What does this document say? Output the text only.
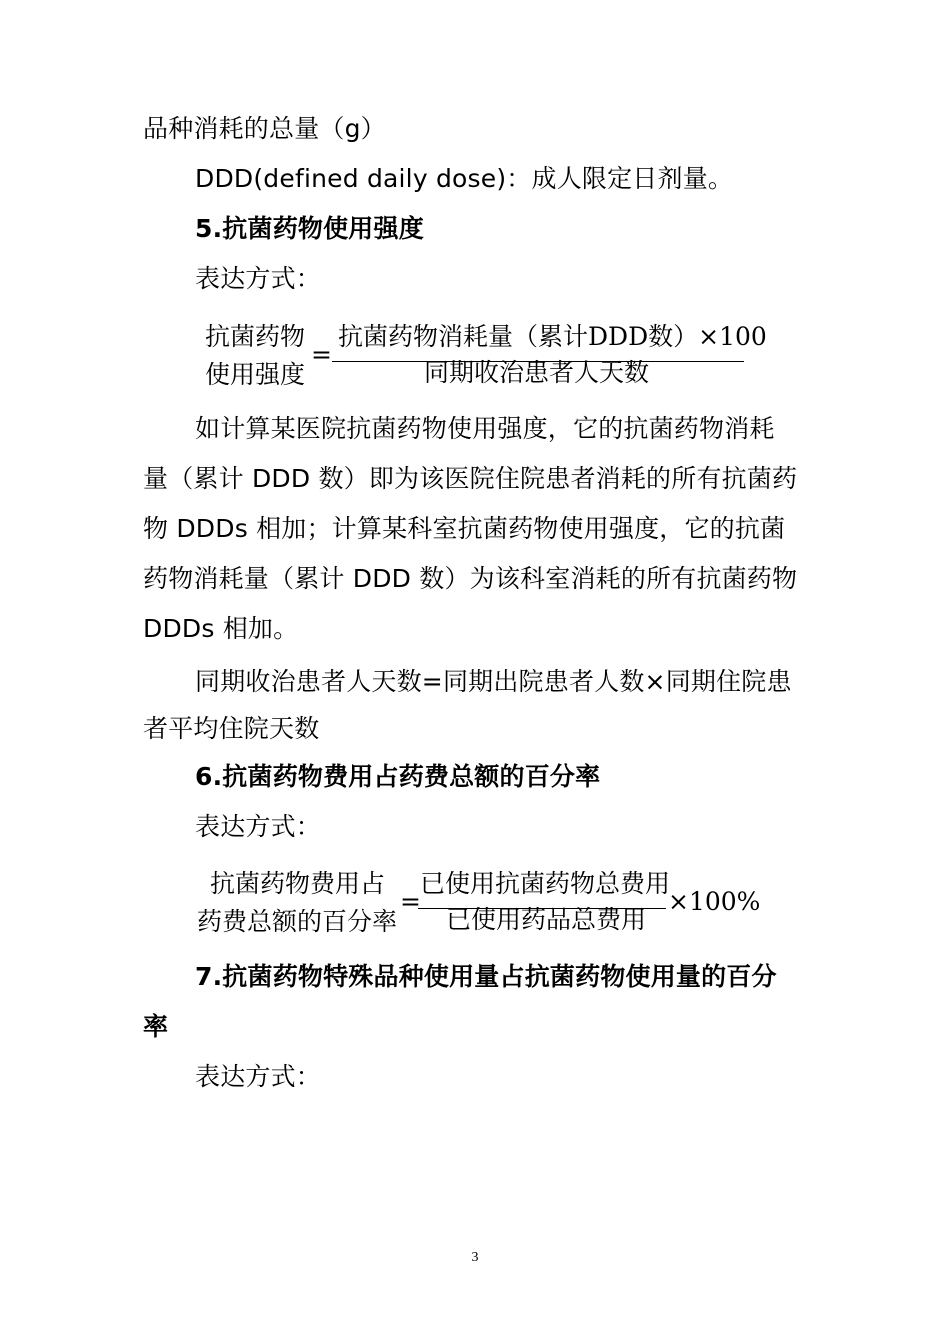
品种消耗的总量（g）
DDD(defined daily dose)：成人限定日剂量。
5.抗菌药物使用强度
表达方式：
抗菌药物
使用强度
=
抗菌药物消耗量（累计DDD数）×100
同期收治患者人天数
如计算某医院抗菌药物使用强度，它的抗菌药物消耗
量（累计 DDD 数）即为该医院住院患者消耗的所有抗菌药
物 DDDs 相加；计算某科室抗菌药物使用强度，它的抗菌
药物消耗量（累计 DDD 数）为该科室消耗的所有抗菌药物
DDDs 相加。
同期收治患者人天数=同期出院患者人数×同期住院患
者平均住院天数
6.抗菌药物费用占药费总额的百分率
表达方式：
抗菌药物费用占
药费总额的百分率
=
已使用抗菌药物总费用
已使用药品总费用
×100%
7.抗菌药物特殊品种使用量占抗菌药物使用量的百分
率
表达方式：
3
